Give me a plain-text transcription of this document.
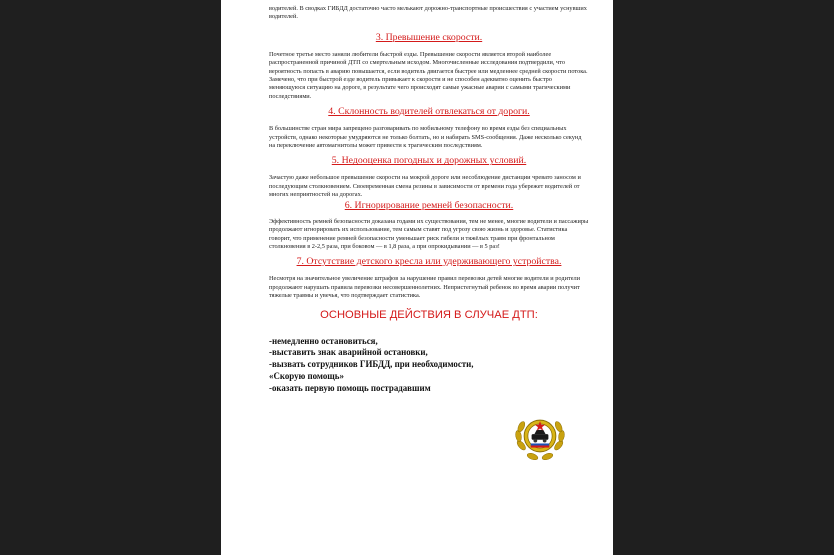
водителей. В сводках ГИБДД достаточно часто мелькают дорожно-транспортные происшествия с участием уснувших водителей.

3. Превышение скорости.

Почетное третье место заняли любители быстрой езды. Превышение скорости является второй наиболее распространенной причиной ДТП со смертельным исходом. Многочисленные исследования подтвердили, что вероятность попасть в аварию повышается, если водитель двигается быстрее или медленнее средней скорости потока. Замечено, что при быстрой езде водитель привыкает к скорости и не способен адекватно оценить быстро меняющуюся ситуацию на дороге, в результате чего происходят самые ужасные аварии с самыми трагическими последствиями.

4. Склонность водителей отвлекаться от дороги.

В большинстве стран мира запрещено разговаривать по мобильному телефону во время езды без специальных устройств, однако некоторые умудряются не только болтать, но и набирать SMS-сообщения. Даже несколько секунд на переключение автомагнитолы может привести к трагическим последствиям.

5. Недооценка погодных и дорожных условий.

Зачастую даже небольшое превышение скорости на мокрой дороге или несоблюдение дистанции чревато заносом и последующим столкновением. Своевременная смена резины в зависимости от времени года убережет водителей от многих неприятностей на дорогах.

6. Игнорирование ремней безопасности.

Эффективность ремней безопасности доказана годами их существования, тем не менее, многие водители и пассажиры продолжают игнорировать их использование, тем самым ставят под угрозу свою жизнь и здоровье. Статистика говорит, что применение ремней безопасности уменьшает риск гибели и тяжёлых травм при фронтальном столкновения в 2-2,5 раза, при боковом — в 1,8 раза, а при опрокидывании — в 5 раз!

7. Отсутствие детского кресла или удерживающего устройства.

Несмотря на значительное увеличение штрафов за нарушение правил перевозки детей многие водители и родители продолжают нарушать правила перевозки несовершеннолетних. Непристегнутый ребенок во время аварии получит тяжелые травмы и увечья, что подтверждает статистика.

ОСНОВНЫЕ ДЕЙСТВИЯ В СЛУЧАЕ ДТП:

-немедленно остановиться,
-выставить знак аварийной остановки,
-вызвать сотрудников ГИБДД, при необходимости,
«Скорую помощь»
-оказать первую помощь пострадавшим
